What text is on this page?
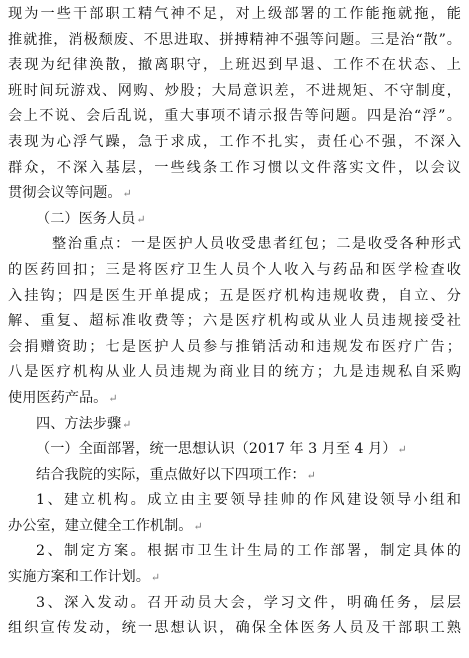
现为一些干部职工精气神不足，对上级部署的工作能拖就拖，能
推就推，消极颓废、不思进取、拼搏精神不强等问题。三是治“散”。
表现为纪律涣散，撤离职守，上班迟到早退、工作不在状态、上
班时间玩游戏、网购、炒股；大局意识差，不进规矩、不守制度，
会上不说、会后乱说，重大事项不请示报告等问题。四是治“浮”。
表现为心浮气躁，急于求成，工作不扎实，责任心不强，不深入
群众，不深入基层，一些线条工作习惯以文件落实文件，以会议
贯彻会议等问题。↵
（二）医务人员↵
整治重点：一是医护人员收受患者红包；二是收受各种形式
的医药回扣；三是将医疗卫生人员个人收入与药品和医学检查收
入挂钩；四是医生开单提成；五是医疗机构违规收费，自立、分
解、重复、超标准收费等；六是医疗机构或从业人员违规接受社
会捐赠资助；七是医护人员参与推销活动和违规发布医疗广告；
八是医疗机构从业人员违规为商业目的统方；九是违规私自采购
使用医药产品。↵
四、方法步骤↵
（一）全面部署，统一思想认识（2017 年 3 月至 4 月）↵
结合我院的实际，重点做好以下四项工作：↵
1、建立机构。成立由主要领导挂帅的作风建设领导小组和
办公室，建立健全工作机制。↵
2、制定方案。根据市卫生计生局的工作部署，制定具体的
实施方案和工作计划。↵
3、深入发动。召开动员大会，学习文件，明确任务，层层
组织宣传发动，统一思想认识，确保全体医务人员及干部职工熟
